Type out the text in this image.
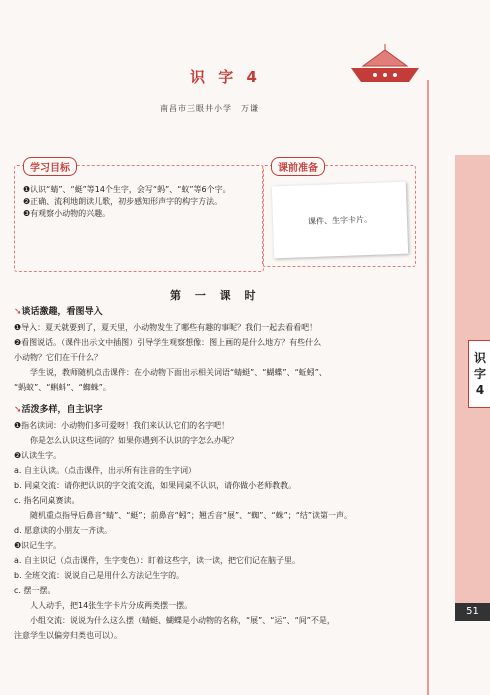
识 字 4
南昌市三眼井小学　万谦
学习目标
❶认识“蜻”、“蜓”等14个生字，会写“蚂”、“蚁”等6个字。
❷正确、流利地朗读儿歌，初步感知形声字的构字方法。
❸有观察小动物的兴趣。
课前准备
课件、生字卡片。
第 一 课 时

➘谈话激趣，看图导入

❶导入：夏天就要到了，夏天里，小动物发生了哪些有趣的事呢？我们一起去看看吧！

❷看图说话。（课件出示文中插图）引导学生观察想像：图上画的是什么地方？有些什么

小动物？它们在干什么？

学生说，教师随机点击课件：在小动物下面出示相关词语“蜻蜓”、“蝴蝶”、“蚯蚓”、

“蚂蚁”、“蝌蚪”、“蜘蛛”。

➘活泼多样，自主识字

❶指名读词：小动物们多可爱呀！我们来认认它们的名字吧！

你是怎么认识这些词的？如果你遇到不认识的字怎么办呢？

❷认读生字。

a. 自主认读。（点击课件，出示所有注音的生字词）

b. 同桌交流：请你把认识的字交流交流，如果同桌不认识，请你做小老师教教。

c. 指名同桌赛读。

随机重点指导后鼻音“蜻”、“蜓”；前鼻音“蚓”；翘舌音“展”、“蜘”、“蛛”；“结”读第一声。

d. 愿意读的小朋友一齐读。

❸识记生字。

a. 自主识记（点击课件，生字变色）：盯着这些字，读一读，把它们记在脑子里。

b. 全班交流：说说自己是用什么方法记生字的。

c. 摆一摆。

人人动手，把14张生字卡片分成两类摆一摆。

小组交流：说说为什么这么摆（蜻蜓、蝴蝶是小动物的名称，“展”、“运”、“间”不是，

注意学生以偏旁归类也可以）。

识
字
4
51
